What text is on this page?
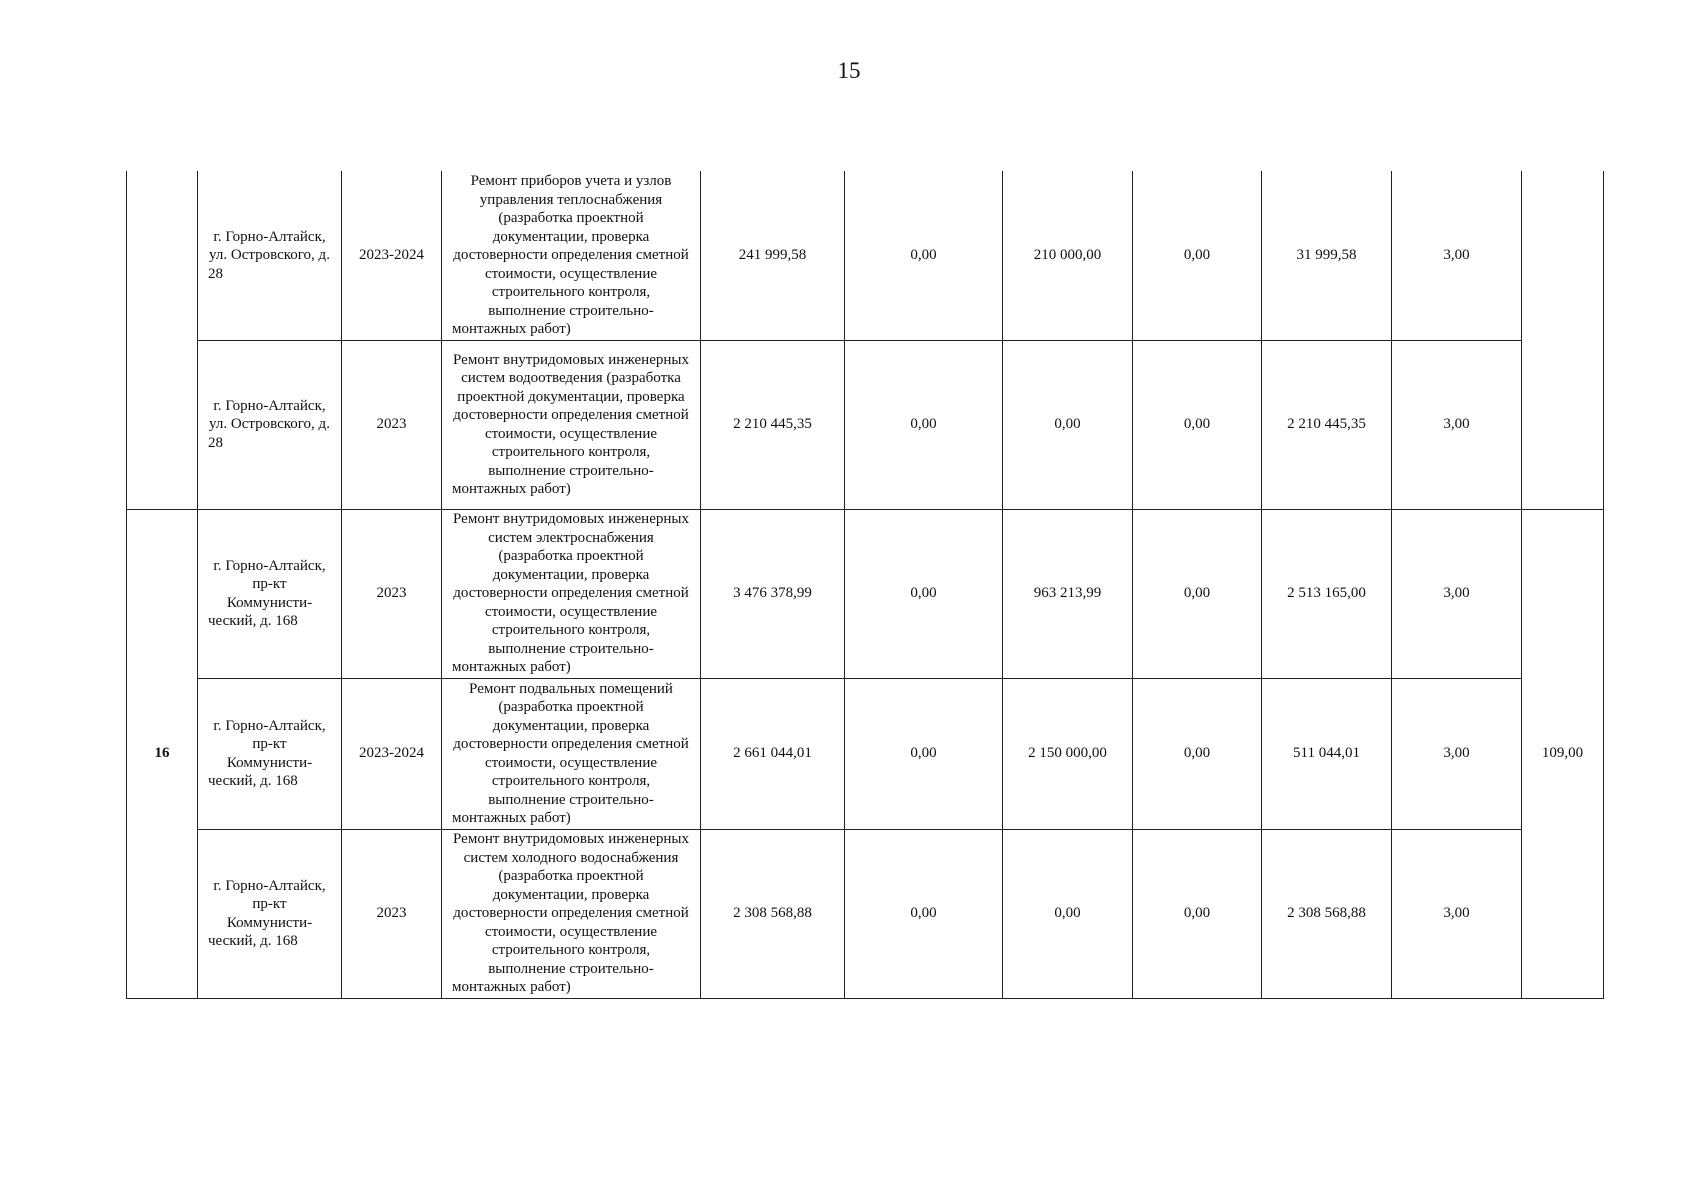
15

	г. Горно-Алтайск, ул. Островского, д. 28	2023-2024	Ремонт приборов учета и узлов управления теплоснабжения (разработка проектной документации, проверка достоверности определения сметной стоимости, осуществление строительного контроля, выполнение строительно-монтажных работ)	241 999,58	0,00	210 000,00	0,00	31 999,58	3,00	

	г. Горно-Алтайск, ул. Островского, д. 28	2023	Ремонт внутридомовых инженерных систем водоотведения (разработка проектной документации, проверка достоверности определения сметной стоимости, осуществление строительного контроля, выполнение строительно-монтажных работ)	2 210 445,35	0,00	0,00	0,00	2 210 445,35	3,00	
16	г. Горно-Алтайск, пр-кт Коммунисти-ческий, д. 168	2023	Ремонт внутридомовых инженерных систем электроснабжения (разработка проектной документации, проверка достоверности определения сметной стоимости, осуществление строительного контроля, выполнение строительно-монтажных работ)	3 476 378,99	0,00	963 213,99	0,00	2 513 165,00	3,00	109,00

	г. Горно-Алтайск, пр-кт Коммунисти-ческий, д. 168	2023-2024	Ремонт подвальных помещений (разработка проектной документации, проверка достоверности определения сметной стоимости, осуществление строительного контроля, выполнение строительно-монтажных работ)	2 661 044,01	0,00	2 150 000,00	0,00	511 044,01	3,00	

	г. Горно-Алтайск, пр-кт Коммунисти-ческий, д. 168	2023	Ремонт внутридомовых инженерных систем холодного водоснабжения (разработка проектной документации, проверка достоверности определения сметной стоимости, осуществление строительного контроля, выполнение строительно-монтажных работ)	2 308 568,88	0,00	0,00	0,00	2 308 568,88	3,00	
